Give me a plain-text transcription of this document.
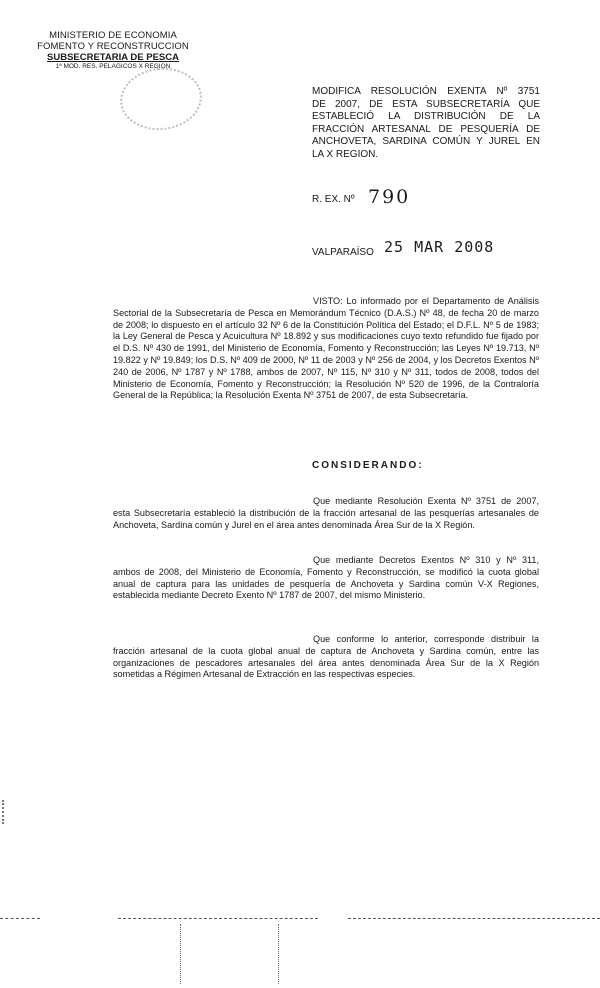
MINISTERIO DE ECONOMIA
FOMENTO Y RECONSTRUCCION
SUBSECRETARIA DE PESCA
1ª MOD. RES. PELAGICOS X REGION
MODIFICA RESOLUCIÓN EXENTA Nº 3751
DE 2007, DE ESTA SUBSECRETARÍA QUE
ESTABLECIÓ LA DISTRIBUCIÓN DE LA
FRACCIÓN ARTESANAL DE PESQUERÍA DE
ANCHOVETA, SARDINA COMÚN Y JUREL EN
LA X REGION.
R. EX. Nº 790
VALPARAÍSO 25 MAR 2008
VISTO: Lo informado por el Departamento de Análisis Sectorial de la Subsecretaría de Pesca en Memorándum Técnico (D.A.S.) Nº 48, de fecha 20 de marzo de 2008; lo dispuesto en el artículo 32 Nº 6 de la Constitución Política del Estado; el D.F.L. Nº 5 de 1983; la Ley General de Pesca y Acuicultura Nº 18.892 y sus modificaciones cuyo texto refundido fue fijado por el D.S. Nº 430 de 1991, del Ministerio de Economía, Fomento y Reconstrucción; las Leyes Nº 19.713, Nº 19.822 y Nº 19.849; los D.S. Nº 409 de 2000, Nº 11 de 2003 y Nº 256 de 2004, y los Decretos Exentos Nº 240 de 2006, Nº 1787 y Nº 1788, ambos de 2007, Nº 115, Nº 310 y Nº 311, todos de 2008, todos del Ministerio de Economía, Fomento y Reconstrucción; la Resolución Nº 520 de 1996, de la Contraloría General de la República; la Resolución Exenta Nº 3751 de 2007, de esta Subsecretaría.
CONSIDERANDO:
Que mediante Resolución Exenta Nº 3751 de 2007, esta Subsecretaría estableció la distribución de la fracción artesanal de las pesquerías artesanales de Anchoveta, Sardina común y Jurel en el área antes denominada Área Sur de la X Región.
Que mediante Decretos Exentos Nº 310 y Nº 311, ambos de 2008, del Ministerio de Economía, Fomento y Reconstrucción, se modificó la cuota global anual de captura para las unidades de pesquería de Anchoveta y Sardina común V-X Regiones, establecida mediante Decreto Exento Nº 1787 de 2007, del mismo Ministerio.
Que conforme lo anterior, corresponde distribuir la fracción artesanal de la cuota global anual de captura de Anchoveta y Sardina común, entre las organizaciones de pescadores artesanales del área antes denominada Área Sur de la X Región sometidas a Régimen Artesanal de Extracción en las respectivas especies.
